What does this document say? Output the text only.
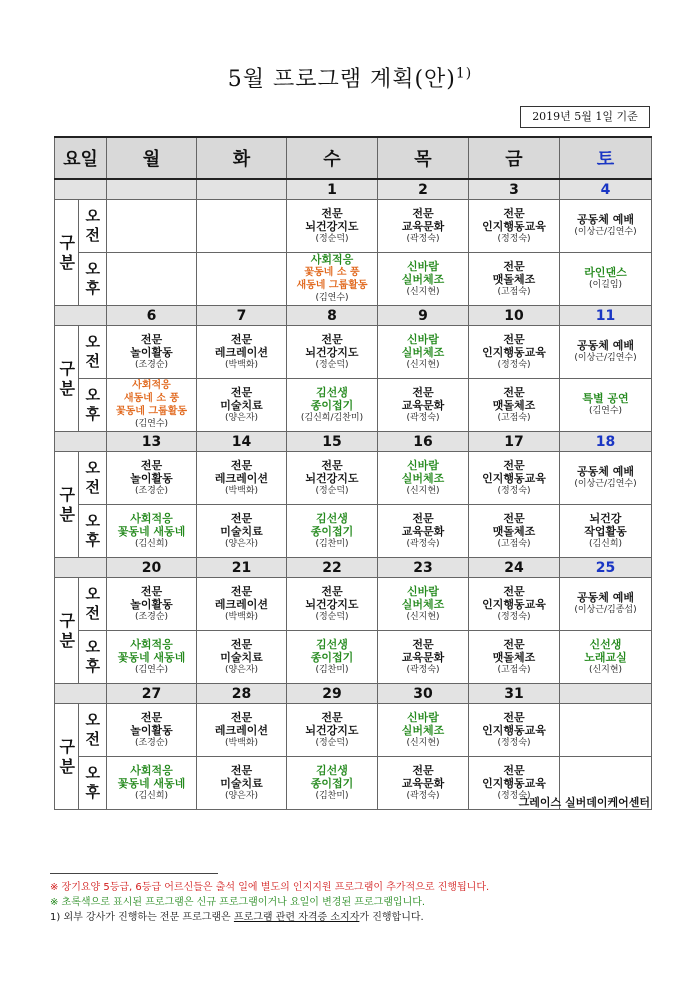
5월 프로그램 계획(안)$^{1)}$
2019년 5월 1일 기준
요일		월	화	수	목	금	토
				1	2	3	4

구분	오전			전문
뇌건강지도
(정순덕)	전문
교육문화
(곽정숙)	전문
인지행동교육
(정정숙)	공동체 예배
(이상근/김연수)

	오후			사회적응
꽃동네 소 풍
새동네 그룹활동
(김연수)	신바람
실버체조
(신지현)	전문
맷돌체조
(고점숙)	라인댄스
(이길임)

		6	7	8	9	10	11

구분	오전	전문
놀이활동
(조경순)	전문
레크레이션
(박백화)	전문
뇌건강지도
(정순덕)	신바람
실버체조
(신지현)	전문
인지행동교육
(정정숙)	공동체 예배
(이상근/김연수)

	오후	사회적응
새동네 소 풍
꽃동네 그룹활동
(김연수)	전문
미술치료
(양은자)	김선생
종이접기
(김신희/김찬미)	전문
교육문화
(곽정숙)	전문
맷돌체조
(고점숙)	특별 공연
(김연수)

		13	14	15	16	17	18

구분	오전	전문
놀이활동
(조경순)	전문
레크레이션
(박백화)	전문
뇌건강지도
(정순덕)	신바람
실버체조
(신지현)	전문
인지행동교육
(정정숙)	공동체 예배
(이상근/김연수)

	오후	사회적응
꽃동네 새동네
(김신희)	전문
미술치료
(양은자)	김선생
종이접기
(김찬미)	전문
교육문화
(곽정숙)	전문
맷돌체조
(고점숙)	뇌건강
작업활동
(김신희)

		20	21	22	23	24	25

구분	오전	전문
놀이활동
(조경순)	전문
레크레이션
(박백화)	전문
뇌건강지도
(정순덕)	신바람
실버체조
(신지현)	전문
인지행동교육
(정정숙)	공동체 예배
(이상근/김종섭)

	오후	사회적응
꽃동네 새동네
(김연수)	전문
미술치료
(양은자)	김선생
종이접기
(김찬미)	전문
교육문화
(곽정숙)	전문
맷돌체조
(고점숙)	신선생
노래교실
(신지현)

		27	28	29	30	31	

구분	오전	전문
놀이활동
(조경순)	전문
레크레이션
(박백화)	전문
뇌건강지도
(정순덕)	신바람
실버체조
(신지현)	전문
인지행동교육
(정정숙)	

	오후	사회적응
꽃동네 새동네
(김신희)	전문
미술치료
(양은자)	김선생
종이접기
(김찬미)	전문
교육문화
(곽정숙)	전문
인지행동교육
(정정숙)	

그레이스 실버데이케어센터
※ 장기요양 5등급, 6등급 어르신들은 출석 일에 별도의 인지지원 프로그램이 추가적으로 진행됩니다.
※ 초록색으로 표시된 프로그램은 신규 프로그램이거나 요일이 변경된 프로그램입니다.
1) 외부 강사가 진행하는 전문 프로그램은 프로그램 관련 자격증 소지자가 진행합니다.
